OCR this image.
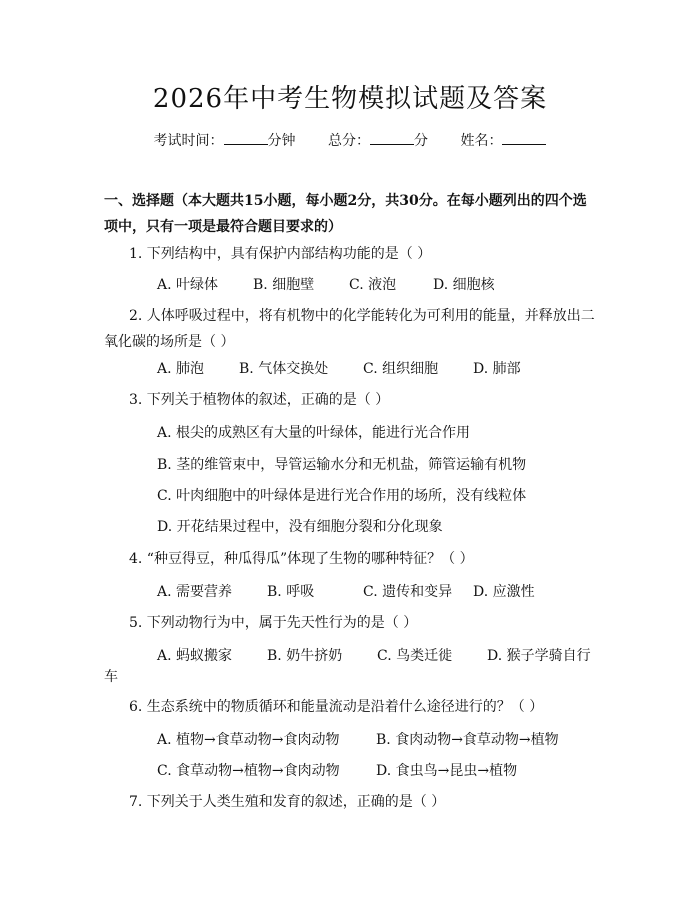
2026年中考生物模拟试题及答案
考试时间：	分钟 总分：	分 姓名：
一、选择题（本大题共15小题，每小题2分，共30分。在每小题列出的四个选项中，只有一项是最符合题目要求的）
1. 下列结构中，具有保护内部结构功能的是（ ）
A. 叶绿体 B. 细胞壁 C. 液泡	D. 细胞核
2. 人体呼吸过程中，将有机物中的化学能转化为可利用的能量，并释放出二氧化碳的场所是（ ）
A. 肺泡 B. 气体交换处 C. 组织细胞 D. 肺部
3. 下列关于植物体的叙述，正确的是（ ）
A. 根尖的成熟区有大量的叶绿体，能进行光合作用
B. 茎的维管束中，导管运输水分和无机盐，筛管运输有机物
C. 叶肉细胞中的叶绿体是进行光合作用的场所，没有线粒体
D. 开花结果过程中，没有细胞分裂和分化现象
4. “种豆得豆，种瓜得瓜”体现了生物的哪种特征？（ ）
A. 需要营养 B. 呼吸	C. 遗传和变异 D. 应激性
5. 下列动物行为中，属于先天性行为的是（ ）
A. 蚂蚁搬家 B. 奶牛挤奶 C. 鸟类迁徙 D. 猴子学骑自行
车
6. 生态系统中的物质循环和能量流动是沿着什么途径进行的？（ ）
A. 植物→食草动物→食肉动物	B. 食肉动物→食草动物→植物
C. 食草动物→植物→食肉动物	D. 食虫鸟→昆虫→植物
7. 下列关于人类生殖和发育的叙述，正确的是（ ）
